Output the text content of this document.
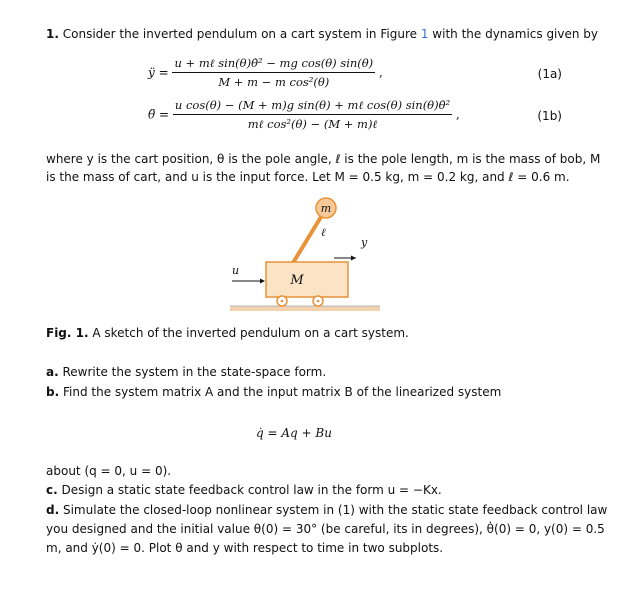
1. Consider the inverted pendulum on a cart system in Figure 1 with the dynamics given by
ÿ = $\frac{\text{u + mℓ sin(θ)θ̇² − mg cos(θ) sin(θ)}}{\text{M + m − m cos²(θ)}}$ ,	(1a)
θ̈ = $\frac{\text{u cos(θ) − (M + m)g sin(θ) + mℓ cos(θ) sin(θ)θ̇²}}{\text{mℓ cos²(θ) − (M + m)ℓ}}$ ,	(1b)
where y is the cart position, θ is the pole angle, ℓ is the pole length, m is the mass of bob, M
is the mass of cart, and u is the input force. Let M = 0.5 kg, m = 0.2 kg, and ℓ = 0.6 m.
m
ℓ
y
u
M
Fig. 1. A sketch of the inverted pendulum on a cart system.
a. Rewrite the system in the state-space form.
b. Find the system matrix A and the input matrix B of the linearized system
q̇ = Aq + Bu
about (q = 0, u = 0).
c. Design a static state feedback control law in the form u = −Kx.
d. Simulate the closed-loop nonlinear system in (1) with the static state feedback control law
you designed and the initial value θ(0) = 30° (be careful, its in degrees), θ̇(0) = 0, y(0) = 0.5
m, and ẏ(0) = 0. Plot θ and y with respect to time in two subplots.
